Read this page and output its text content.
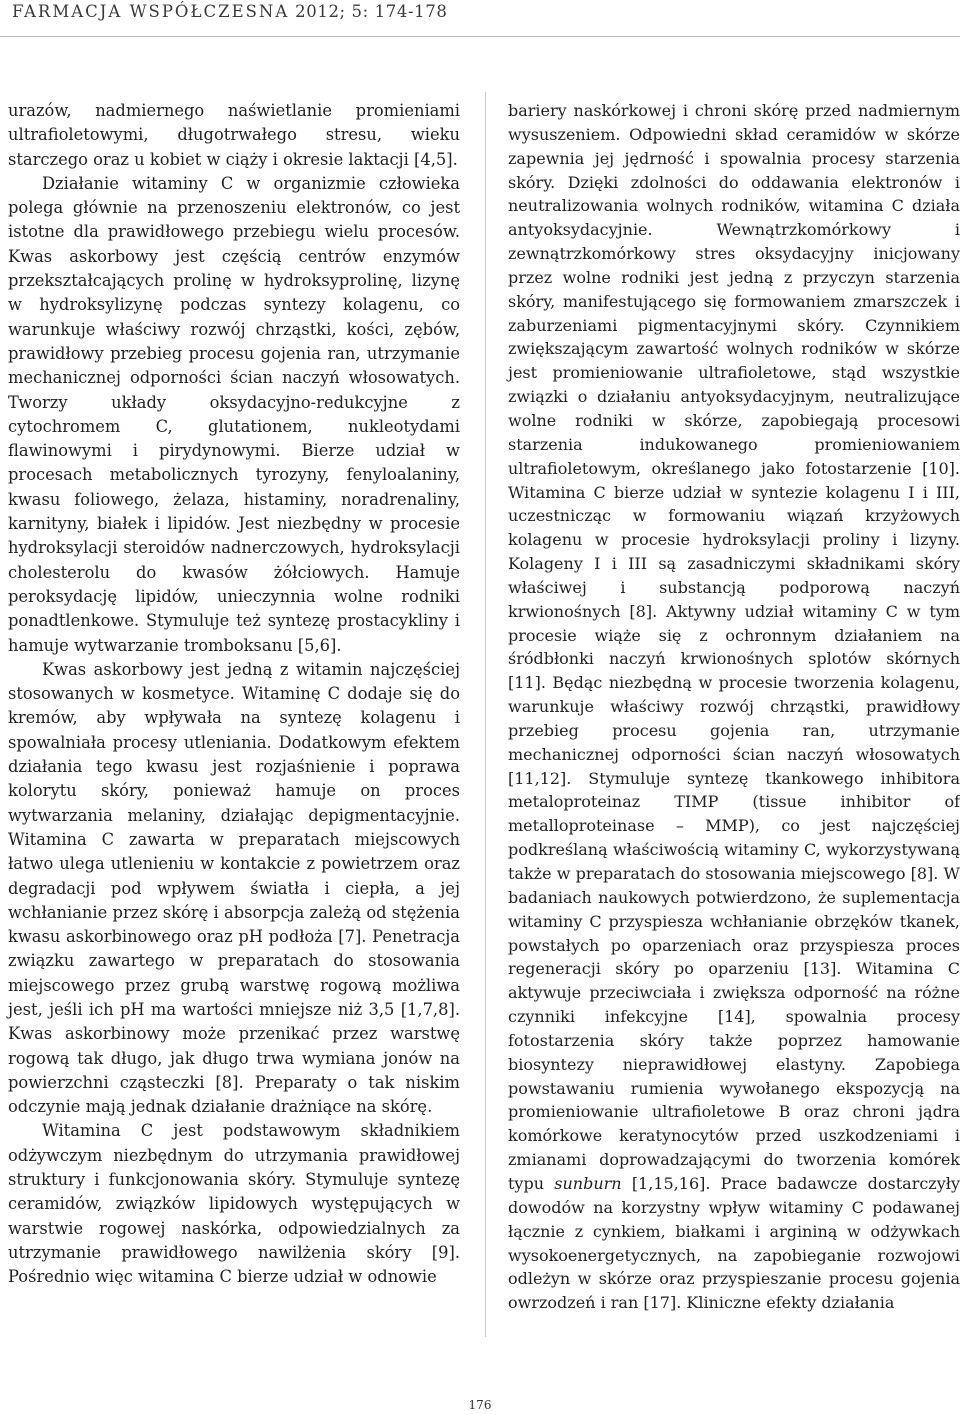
FARMACJA WSPÓŁCZESNA 2012; 5: 174-178

urazów, nadmiernego naświetlanie promieniami ultrafioletowymi, długotrwałego stresu, wieku starczego oraz u kobiet w ciąży i okresie laktacji [4,5].

Działanie witaminy C w organizmie człowieka polega głównie na przenoszeniu elektronów, co jest istotne dla prawidłowego przebiegu wielu procesów. Kwas askorbowy jest częścią centrów enzymów przekształcających prolinę w hydroksyprolinę, lizynę w hydroksylizynę podczas syntezy kolagenu, co warunkuje właściwy rozwój chrząstki, kości, zębów, prawidłowy przebieg procesu gojenia ran, utrzymanie mechanicznej odporności ścian naczyń włosowatych. Tworzy układy oksydacyjno-redukcyjne z cytochromem C, glutationem, nukleotydami flawinowymi i pirydynowymi. Bierze udział w procesach metabolicznych tyrozyny, fenyloalaniny, kwasu foliowego, żelaza, histaminy, noradrenaliny, karnityny, białek i lipidów. Jest niezbędny w procesie hydroksylacji steroidów nadnerczowych, hydroksylacji cholesterolu do kwasów żółciowych. Hamuje peroksydację lipidów, unieczynnia wolne rodniki ponadtlenkowe. Stymuluje też syntezę prostacykliny i hamuje wytwarzanie tromboksanu [5,6].

Kwas askorbowy jest jedną z witamin najczęściej stosowanych w kosmetyce. Witaminę C dodaje się do kremów, aby wpływała na syntezę kolagenu i spowalniała procesy utleniania. Dodatkowym efektem działania tego kwasu jest rozjaśnienie i poprawa kolorytu skóry, ponieważ hamuje on proces wytwarzania melaniny, działając depigmentacyjnie. Witamina C zawarta w preparatach miejscowych łatwo ulega utlenieniu w kontakcie z powietrzem oraz degradacji pod wpływem światła i ciepła, a jej wchłanianie przez skórę i absorpcja zależą od stężenia kwasu askorbinowego oraz pH podłoża [7]. Penetracja związku zawartego w preparatach do stosowania miejscowego przez grubą warstwę rogową możliwa jest, jeśli ich pH ma wartości mniejsze niż 3,5 [1,7,8]. Kwas askorbinowy może przenikać przez warstwę rogową tak długo, jak długo trwa wymiana jonów na powierzchni cząsteczki [8]. Preparaty o tak niskim odczynie mają jednak działanie drażniące na skórę.

Witamina C jest podstawowym składnikiem odżywczym niezbędnym do utrzymania prawidłowej struktury i funkcjonowania skóry. Stymuluje syntezę ceramidów, związków lipidowych występujących w warstwie rogowej naskórka, odpowiedzialnych za utrzymanie prawidłowego nawilżenia skóry [9]. Pośrednio więc witamina C bierze udział w odnowie

bariery naskórkowej i chroni skórę przed nadmiernym wysuszeniem. Odpowiedni skład ceramidów w skórze zapewnia jej jędrność i spowalnia procesy starzenia skóry. Dzięki zdolności do oddawania elektronów i neutralizowania wolnych rodników, witamina C działa antyoksydacyjnie. Wewnątrzkomórkowy i zewnątrzkomórkowy stres oksydacyjny inicjowany przez wolne rodniki jest jedną z przyczyn starzenia skóry, manifestującego się formowaniem zmarszczek i zaburzeniami pigmentacyjnymi skóry. Czynnikiem zwiększającym zawartość wolnych rodników w skórze jest promieniowanie ultrafioletowe, stąd wszystkie związki o działaniu antyoksydacyjnym, neutralizujące wolne rodniki w skórze, zapobiegają procesowi starzenia indukowanego promieniowaniem ultrafioletowym, określanego jako fotostarzenie [10]. Witamina C bierze udział w syntezie kolagenu I i III, uczestnicząc w formowaniu wiązań krzyżowych kolagenu w procesie hydroksylacji proliny i lizyny. Kolageny I i III są zasadniczymi składnikami skóry właściwej i substancją podporową naczyń krwionośnych [8]. Aktywny udział witaminy C w tym procesie wiąże się z ochronnym działaniem na śródbłonki naczyń krwionośnych splotów skórnych [11]. Będąc niezbędną w procesie tworzenia kolagenu, warunkuje właściwy rozwój chrząstki, prawidłowy przebieg procesu gojenia ran, utrzymanie mechanicznej odporności ścian naczyń włosowatych [11,12]. Stymuluje syntezę tkankowego inhibitora metaloproteinaz TIMP (tissue inhibitor of metalloproteinase – MMP), co jest najczęściej podkreślaną właściwością witaminy C, wykorzystywaną także w preparatach do stosowania miejscowego [8]. W badaniach naukowych potwierdzono, że suplementacja witaminy C przyspiesza wchłanianie obrzęków tkanek, powstałych po oparzeniach oraz przyspiesza proces regeneracji skóry po oparzeniu [13]. Witamina C aktywuje przeciwciała i zwiększa odporność na różne czynniki infekcyjne [14], spowalnia procesy fotostarzenia skóry także poprzez hamowanie biosyntezy nieprawidłowej elastyny. Zapobiega powstawaniu rumienia wywołanego ekspozycją na promieniowanie ultrafioletowe B oraz chroni jądra komórkowe keratynocytów przed uszkodzeniami i zmianami doprowadzającymi do tworzenia komórek typu sunburn [1,15,16]. Prace badawcze dostarczyły dowodów na korzystny wpływ witaminy C podawanej łącznie z cynkiem, białkami i argininą w odżywkach wysokoenergetycznych, na zapobieganie rozwojowi odleżyn w skórze oraz przyspieszanie procesu gojenia owrzodzeń i ran [17]. Kliniczne efekty działania

176
